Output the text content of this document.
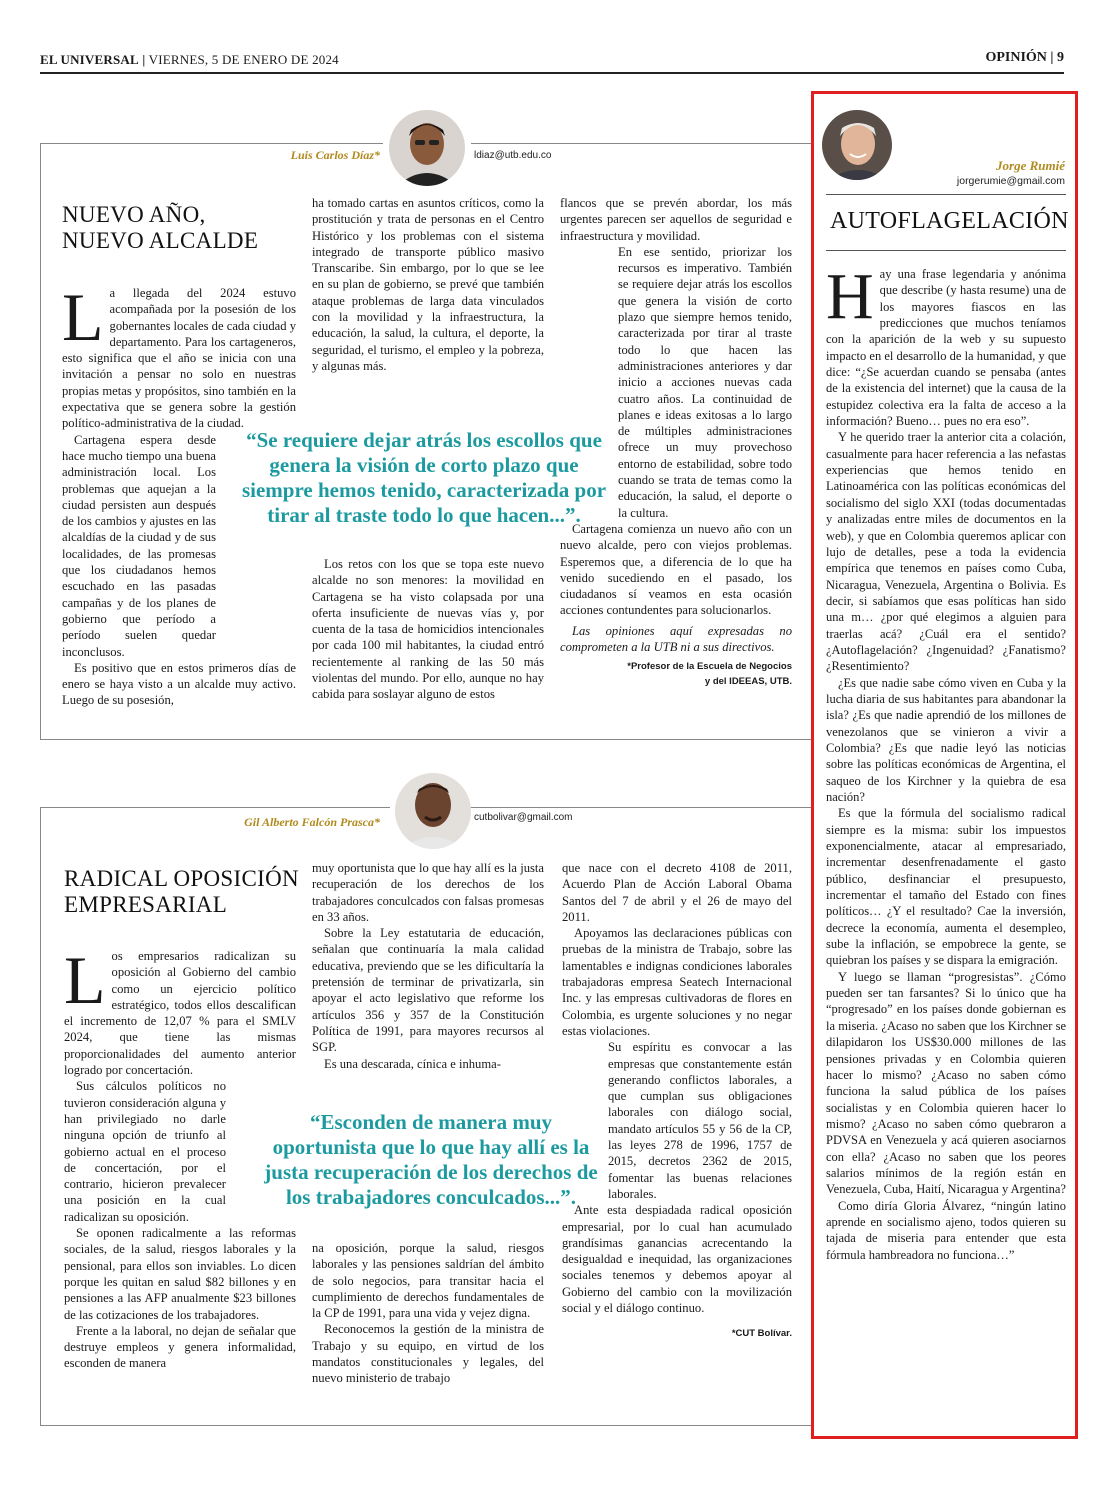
EL UNIVERSAL | VIERNES, 5 DE ENERO DE 2024	OPINIÓN | 9
Luis Carlos Díaz*	ldiaz@utb.edu.co
NUEVO AÑO,
NUEVO ALCALDE

La llegada del 2024 estuvo acompañada por la posesión de los gobernantes locales de cada ciudad y departamento. Para los cartageneros, esto significa que el año se inicia con una invitación a pensar no solo en nuestras propias metas y propósitos, sino también en la expectativa que se genera sobre la gestión político-administrativa de la ciudad.

Cartagena espera desde hace mucho tiempo una buena administración local. Los problemas que aquejan a la ciudad persisten aun después de los cambios y ajustes en las alcaldías de la ciudad y de sus localidades, de las promesas que los ciudadanos hemos escuchado en las pasadas campañas y de los planes de gobierno que período a período suelen quedar inconclusos.

Es positivo que en estos primeros días de enero se haya visto a un alcalde muy activo. Luego de su posesión,

ha tomado cartas en asuntos críticos, como la prostitución y trata de personas en el Centro Histórico y los problemas con el sistema integrado de transporte público masivo Transcaribe. Sin embargo, por lo que se lee en su plan de gobierno, se prevé que también ataque problemas de larga data vinculados con la movilidad y la infraestructura, la educación, la salud, la cultura, el deporte, la seguridad, el turismo, el empleo y la pobreza, y algunas más.

“Se requiere dejar atrás los escollos que genera la visión de corto plazo que siempre hemos tenido, caracterizada por tirar al traste todo lo que hacen...”.

Los retos con los que se topa este nuevo alcalde no son menores: la movilidad en Cartagena se ha visto colapsada por una oferta insuficiente de nuevas vías y, por cuenta de la tasa de homicidios intencionales por cada 100 mil habitantes, la ciudad entró recientemente al ranking de las 50 más violentas del mundo. Por ello, aunque no hay cabida para soslayar alguno de estos

flancos que se prevén abordar, los más urgentes parecen ser aquellos de seguridad e infraestructura y movilidad.

En ese sentido, priorizar los recursos es imperativo. También se requiere dejar atrás los escollos que genera la visión de corto plazo que siempre hemos tenido, caracterizada por tirar al traste todo lo que hacen las administraciones anteriores y dar inicio a acciones nuevas cada cuatro años. La continuidad de planes e ideas exitosas a lo largo de múltiples administraciones ofrece un muy provechoso entorno de estabilidad, sobre todo cuando se trata de temas como la educación, la salud, el deporte o la cultura.

Cartagena comienza un nuevo año con un nuevo alcalde, pero con viejos problemas. Esperemos que, a diferencia de lo que ha venido sucediendo en el pasado, los ciudadanos sí veamos en esta ocasión acciones contundentes para solucionarlos.

Las opiniones aquí expresadas no comprometen a la UTB ni a sus directivos.

*Profesor de la Escuela de Negocios
y del IDEEAS, UTB.
Gil Alberto Falcón Prasca*	cutbolivar@gmail.com
RADICAL OPOSICIÓN
EMPRESARIAL

Los empresarios radicalizan su oposición al Gobierno del cambio como un ejercicio político estratégico, todos ellos descalifican el incremento de 12,07 % para el SMLV 2024, que tiene las mismas proporcionalidades del aumento anterior logrado por concertación.

Sus cálculos políticos no tuvieron consideración alguna y han privilegiado no darle ninguna opción de triunfo al gobierno actual en el proceso de concertación, por el contrario, hicieron prevalecer una posición en la cual radicalizan su oposición.

Se oponen radicalmente a las reformas sociales, de la salud, riesgos laborales y la pensional, para ellos son inviables. Lo dicen porque les quitan en salud $82 billones y en pensiones a las AFP anualmente $23 billones de las cotizaciones de los trabajadores.

Frente a la laboral, no dejan de señalar que destruye empleos y genera informalidad, esconden de manera

muy oportunista que lo que hay allí es la justa recuperación de los derechos de los trabajadores conculcados con falsas promesas en 33 años.

Sobre la Ley estatutaria de educación, señalan que continuaría la mala calidad educativa, previendo que se les dificultaría la pretensión de terminar de privatizarla, sin apoyar el acto legislativo que reforme los artículos 356 y 357 de la Constitución Política de 1991, para mayores recursos al SGP.

Es una descarada, cínica e inhuma-

“Esconden de manera muy oportunista que lo que hay allí es la justa recuperación de los derechos de los trabajadores conculcados...”.

na oposición, porque la salud, riesgos laborales y las pensiones saldrían del ámbito de solo negocios, para transitar hacia el cumplimiento de derechos fundamentales de la CP de 1991, para una vida y vejez digna.

Reconocemos la gestión de la ministra de Trabajo y su equipo, en virtud de los mandatos constitucionales y legales, del nuevo ministerio de trabajo

que nace con el decreto 4108 de 2011, Acuerdo Plan de Acción Laboral Obama Santos del 7 de abril y el 26 de mayo del 2011.

Apoyamos las declaraciones públicas con pruebas de la ministra de Trabajo, sobre las lamentables e indignas condiciones laborales trabajadoras empresa Seatech Internacional Inc. y las empresas cultivadoras de flores en Colombia, es urgente soluciones y no negar estas violaciones.

Su espíritu es convocar a las empresas que constantemente están generando conflictos laborales, a que cumplan sus obligaciones laborales con diálogo social, mandato artículos 55 y 56 de la CP, las leyes 278 de 1996, 1757 de 2015, decretos 2362 de 2015, fomentar las buenas relaciones laborales.

Ante esta despiadada radical oposición empresarial, por lo cual han acumulado grandísimas ganancias acrecentando la desigualdad e inequidad, las organizaciones sociales tenemos y debemos apoyar al Gobierno del cambio con la movilización social y el diálogo continuo.

*CUT Bolívar.
Jorge Rumié
jorgerumie@gmail.com
AUTOFLAGELACIÓN

Hay una frase legendaria y anónima que describe (y hasta resume) una de los mayores fiascos en las predicciones que muchos teníamos con la aparición de la web y su supuesto impacto en el desarrollo de la humanidad, y que dice: “¿Se acuerdan cuando se pensaba (antes de la existencia del internet) que la causa de la estupidez colectiva era la falta de acceso a la información? Bueno… pues no era eso”.

Y he querido traer la anterior cita a colación, casualmente para hacer referencia a las nefastas experiencias que hemos tenido en Latinoamérica con las políticas económicas del socialismo del siglo XXI (todas documentadas y analizadas entre miles de documentos en la web), y que en Colombia queremos aplicar con lujo de detalles, pese a toda la evidencia empírica que tenemos en países como Cuba, Nicaragua, Venezuela, Argentina o Bolivia. Es decir, si sabíamos que esas políticas han sido una m… ¿por qué elegimos a alguien para traerlas acá? ¿Cuál era el sentido? ¿Autoflagelación? ¿Ingenuidad? ¿Fanatismo? ¿Resentimiento?

¿Es que nadie sabe cómo viven en Cuba y la lucha diaria de sus habitantes para abandonar la isla? ¿Es que nadie aprendió de los millones de venezolanos que se vinieron a vivir a Colombia? ¿Es que nadie leyó las noticias sobre las políticas económicas de Argentina, el saqueo de los Kirchner y la quiebra de esa nación?

Es que la fórmula del socialismo radical siempre es la misma: subir los impuestos exponencialmente, atacar al empresariado, incrementar desenfrenadamente el gasto público, desfinanciar el presupuesto, incrementar el tamaño del Estado con fines políticos… ¿Y el resultado? Cae la inversión, decrece la economía, aumenta el desempleo, sube la inflación, se empobrece la gente, se quiebran los países y se dispara la emigración.

Y luego se llaman “progresistas”. ¿Cómo pueden ser tan farsantes? Si lo único que ha “progresado” en los países donde gobiernan es la miseria. ¿Acaso no saben que los Kirchner se dilapidaron los US$30.000 millones de las pensiones privadas y en Colombia quieren hacer lo mismo? ¿Acaso no saben cómo funciona la salud pública de los países socialistas y en Colombia quieren hacer lo mismo? ¿Acaso no saben cómo quebraron a PDVSA en Venezuela y acá quieren asociarnos con ella? ¿Acaso no saben que los peores salarios mínimos de la región están en Venezuela, Cuba, Haití, Nicaragua y Argentina?

Como diría Gloria Álvarez, “ningún latino aprende en socialismo ajeno, todos quieren su tajada de miseria para entender que esta fórmula hambreadora no funciona…”
